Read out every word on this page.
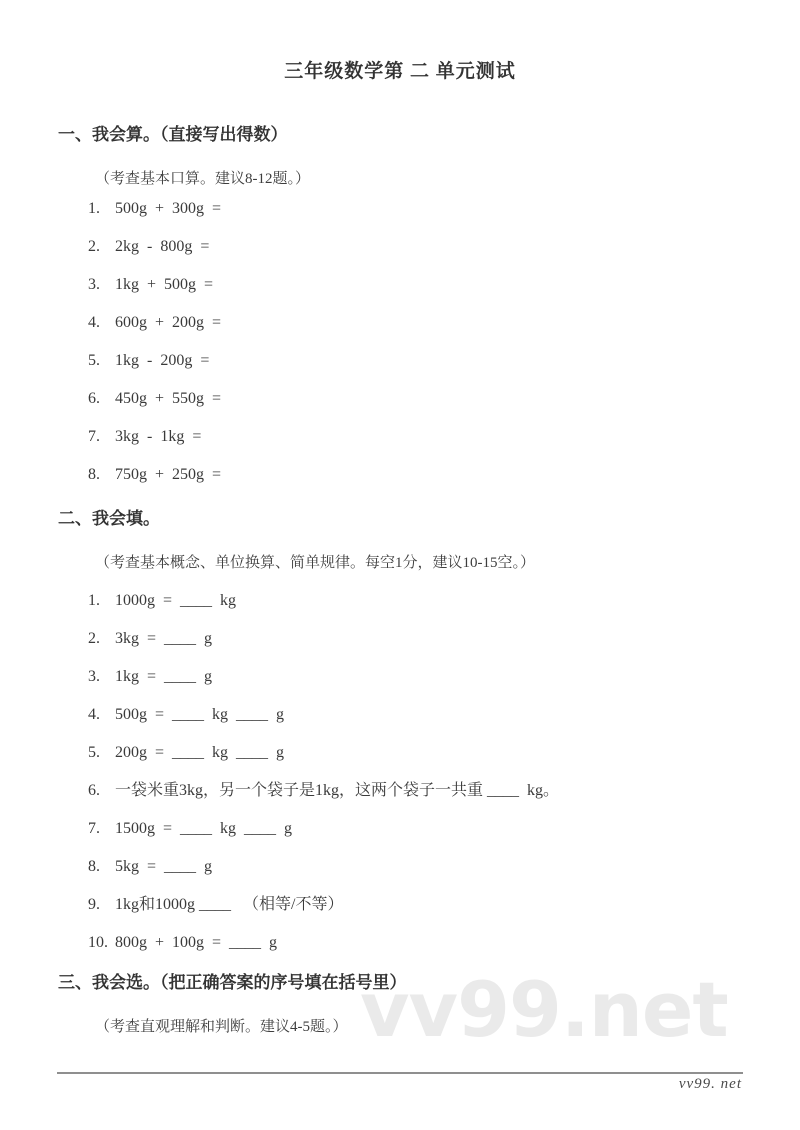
vv99.net
三年级数学第 二 单元测试
一、我会算。（直接写出得数）

（考查基本口算。建议8-12题。）

1. 500g  +  300g  =
2. 2kg  -  800g  =
3. 1kg  +  500g  =
4. 600g  +  200g  =
5. 1kg  -  200g  =
6. 450g  +  550g  =
7. 3kg  -  1kg  =
8. 750g  +  250g  =
二、我会填。

（考查基本概念、单位换算、简单规律。每空1分，建议10-15空。）

1. 1000g  =  ____  kg
2. 3kg  =  ____  g
3. 1kg  =  ____  g
4. 500g  =  ____  kg  ____  g
5. 200g  =  ____  kg  ____  g
6. 一袋米重3kg，另一个袋子是1kg，这两个袋子一共重 ____  kg。
7. 1500g  =  ____  kg  ____  g
8. 5kg  =  ____  g
9. 1kg和1000g ____   （相等/不等）
10. 800g  +  100g  =  ____  g
三、我会选。（把正确答案的序号填在括号里）

（考查直观理解和判断。建议4-5题。）

vv99. net
